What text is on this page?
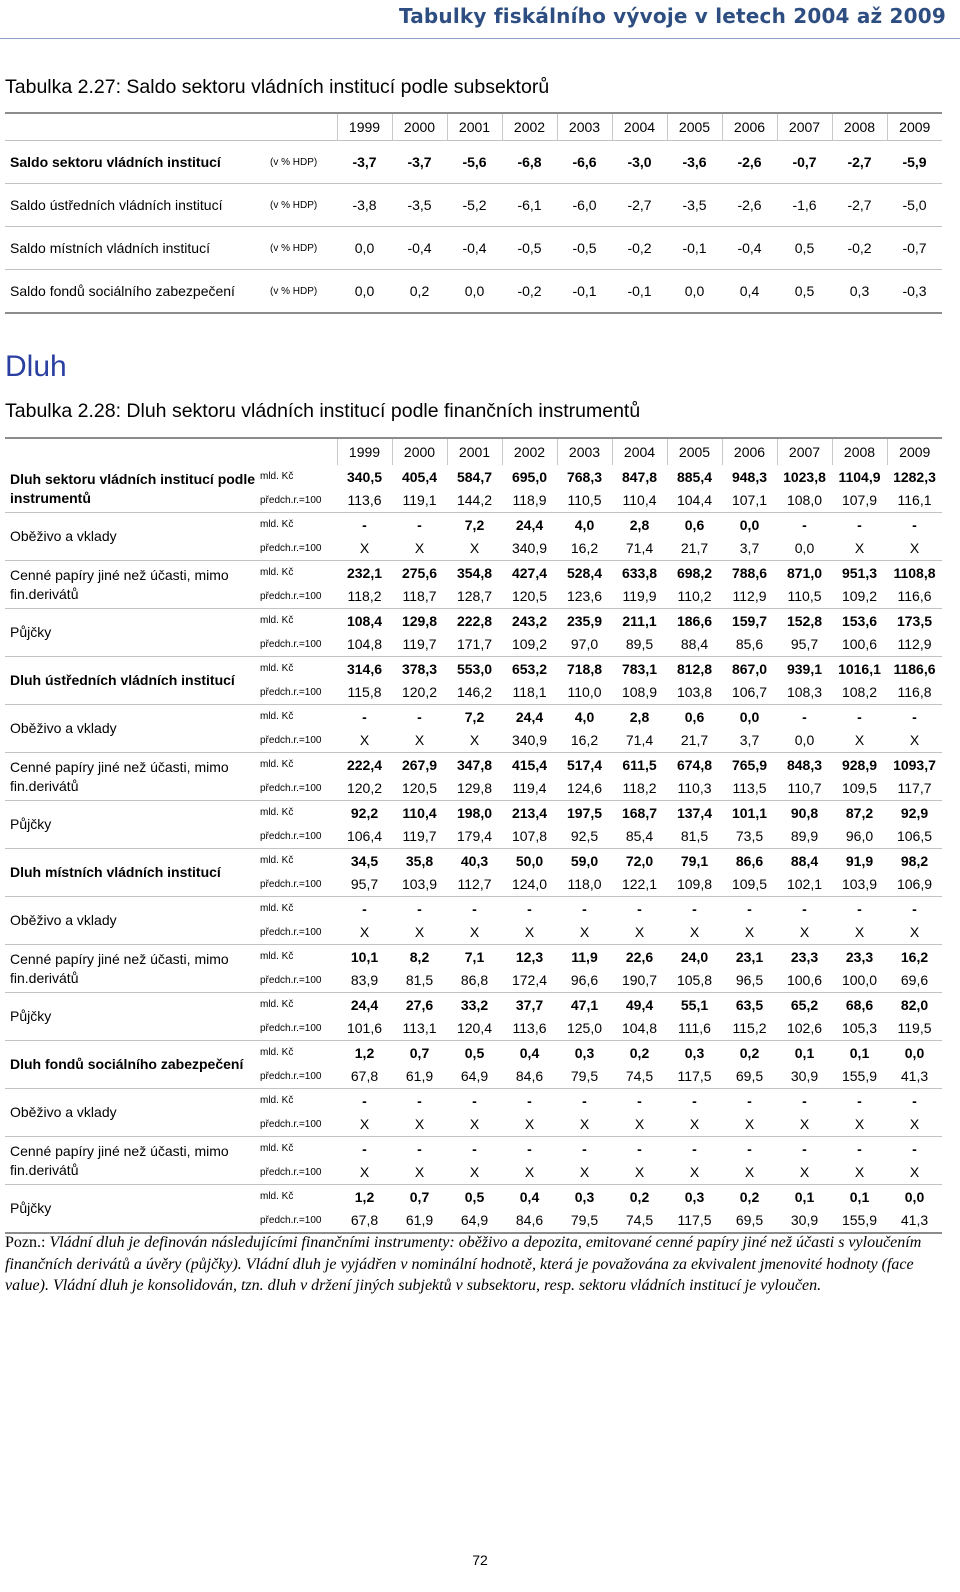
Tabulky fiskálního vývoje v letech 2004 až 2009
Tabulka 2.27: Saldo sektoru vládních institucí podle subsektorů
		1999	2000	2001	2002	2003	2004	2005	2006	2007	2008	2009
Saldo sektoru vládních institucí	(v % HDP)	-3,7	-3,7	-5,6	-6,8	-6,6	-3,0	-3,6	-2,6	-0,7	-2,7	-5,9
Saldo ústředních vládních institucí	(v % HDP)	-3,8	-3,5	-5,2	-6,1	-6,0	-2,7	-3,5	-2,6	-1,6	-2,7	-5,0
Saldo místních vládních institucí	(v % HDP)	0,0	-0,4	-0,4	-0,5	-0,5	-0,2	-0,1	-0,4	0,5	-0,2	-0,7
Saldo fondů sociálního zabezpečení	(v % HDP)	0,0	0,2	0,0	-0,2	-0,1	-0,1	0,0	0,4	0,5	0,3	-0,3
Dluh
Tabulka 2.28: Dluh sektoru vládních institucí podle finančních instrumentů
		1999	2000	2001	2002	2003	2004	2005	2006	2007	2008	2009
Dluh sektoru vládních institucí podle instrumentů	mld. Kč	340,5	405,4	584,7	695,0	768,3	847,8	885,4	948,3	1023,8	1104,9	1282,3
	předch.r.=100	113,6	119,1	144,2	118,9	110,5	110,4	104,4	107,1	108,0	107,9	116,1
Oběživo a vklady	mld. Kč	-	-	7,2	24,4	4,0	2,8	0,6	0,0	-	-	-
	předch.r.=100	X	X	X	340,9	16,2	71,4	21,7	3,7	0,0	X	X
Cenné papíry jiné než účasti, mimo fin.derivátů	mld. Kč	232,1	275,6	354,8	427,4	528,4	633,8	698,2	788,6	871,0	951,3	1108,8
	předch.r.=100	118,2	118,7	128,7	120,5	123,6	119,9	110,2	112,9	110,5	109,2	116,6
Půjčky	mld. Kč	108,4	129,8	222,8	243,2	235,9	211,1	186,6	159,7	152,8	153,6	173,5
	předch.r.=100	104,8	119,7	171,7	109,2	97,0	89,5	88,4	85,6	95,7	100,6	112,9
Dluh ústředních vládních institucí	mld. Kč	314,6	378,3	553,0	653,2	718,8	783,1	812,8	867,0	939,1	1016,1	1186,6
	předch.r.=100	115,8	120,2	146,2	118,1	110,0	108,9	103,8	106,7	108,3	108,2	116,8
Oběživo a vklady	mld. Kč	-	-	7,2	24,4	4,0	2,8	0,6	0,0	-	-	-
	předch.r.=100	X	X	X	340,9	16,2	71,4	21,7	3,7	0,0	X	X
Cenné papíry jiné než účasti, mimo fin.derivátů	mld. Kč	222,4	267,9	347,8	415,4	517,4	611,5	674,8	765,9	848,3	928,9	1093,7
	předch.r.=100	120,2	120,5	129,8	119,4	124,6	118,2	110,3	113,5	110,7	109,5	117,7
Půjčky	mld. Kč	92,2	110,4	198,0	213,4	197,5	168,7	137,4	101,1	90,8	87,2	92,9
	předch.r.=100	106,4	119,7	179,4	107,8	92,5	85,4	81,5	73,5	89,9	96,0	106,5
Dluh místních vládních institucí	mld. Kč	34,5	35,8	40,3	50,0	59,0	72,0	79,1	86,6	88,4	91,9	98,2
	předch.r.=100	95,7	103,9	112,7	124,0	118,0	122,1	109,8	109,5	102,1	103,9	106,9
Oběživo a vklady	mld. Kč	-	-	-	-	-	-	-	-	-	-	-
	předch.r.=100	X	X	X	X	X	X	X	X	X	X	X
Cenné papíry jiné než účasti, mimo fin.derivátů	mld. Kč	10,1	8,2	7,1	12,3	11,9	22,6	24,0	23,1	23,3	23,3	16,2
	předch.r.=100	83,9	81,5	86,8	172,4	96,6	190,7	105,8	96,5	100,6	100,0	69,6
Půjčky	mld. Kč	24,4	27,6	33,2	37,7	47,1	49,4	55,1	63,5	65,2	68,6	82,0
	předch.r.=100	101,6	113,1	120,4	113,6	125,0	104,8	111,6	115,2	102,6	105,3	119,5
Dluh fondů sociálního zabezpečení	mld. Kč	1,2	0,7	0,5	0,4	0,3	0,2	0,3	0,2	0,1	0,1	0,0
	předch.r.=100	67,8	61,9	64,9	84,6	79,5	74,5	117,5	69,5	30,9	155,9	41,3
Oběživo a vklady	mld. Kč	-	-	-	-	-	-	-	-	-	-	-
	předch.r.=100	X	X	X	X	X	X	X	X	X	X	X
Cenné papíry jiné než účasti, mimo fin.derivátů	mld. Kč	-	-	-	-	-	-	-	-	-	-	-
	předch.r.=100	X	X	X	X	X	X	X	X	X	X	X
Půjčky	mld. Kč	1,2	0,7	0,5	0,4	0,3	0,2	0,3	0,2	0,1	0,1	0,0
	předch.r.=100	67,8	61,9	64,9	84,6	79,5	74,5	117,5	69,5	30,9	155,9	41,3
Pozn.: Vládní dluh je definován následujícími finančními instrumenty: oběživo a depozita, emitované cenné papíry jiné než účasti s vyloučením finančních derivátů a úvěry (půjčky). Vládní dluh je vyjádřen v nominální hodnotě, která je považována za ekvivalent jmenovité hodnoty (face value). Vládní dluh je konsolidován, tzn. dluh v držení jiných subjektů v subsektoru, resp. sektoru vládních institucí je vyloučen.
72
